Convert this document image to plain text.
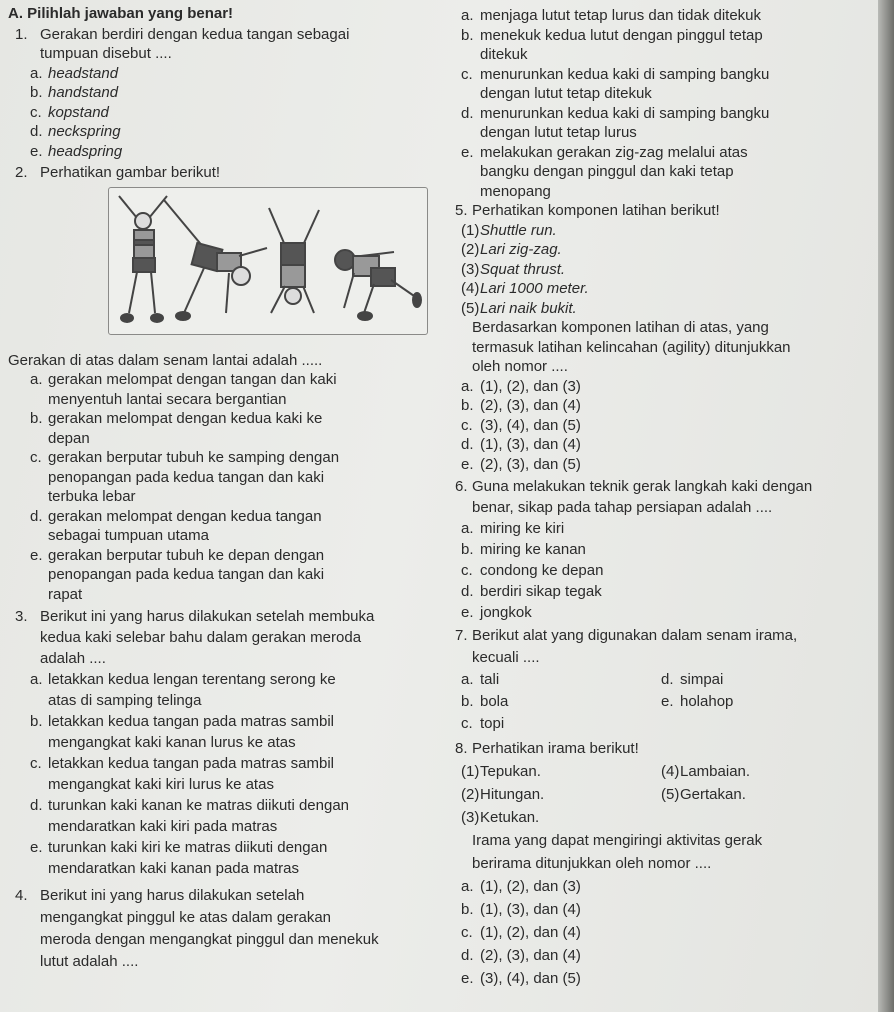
A. Pilihlah jawaban yang benar!
1. Gerakan berdiri dengan kedua tangan sebagai
tumpuan disebut ....
a. headstand
b. handstand
c. kopstand
d. neckspring
e. headspring
2. Perhatikan gambar berikut!
Gerakan di atas dalam senam lantai adalah .....
a. gerakan melompat dengan tangan dan kaki
menyentuh lantai secara bergantian
b. gerakan melompat dengan kedua kaki ke
depan
c. gerakan berputar tubuh ke samping dengan
penopangan pada kedua tangan dan kaki
terbuka lebar
d. gerakan melompat dengan kedua tangan
sebagai tumpuan utama
e. gerakan berputar tubuh ke depan dengan
penopangan pada kedua tangan dan kaki
rapat
3. Berikut ini yang harus dilakukan setelah membuka
kedua kaki selebar bahu dalam gerakan meroda
adalah ....
a. letakkan kedua lengan terentang serong ke
atas di samping telinga
b. letakkan kedua tangan pada matras sambil
mengangkat kaki kanan lurus ke atas
c. letakkan kedua tangan pada matras sambil
mengangkat kaki kiri lurus ke atas
d. turunkan kaki kanan ke matras diikuti dengan
mendaratkan kaki kiri pada matras
e. turunkan kaki kiri ke matras diikuti dengan
mendaratkan kaki kanan pada matras
4. Berikut ini yang harus dilakukan setelah
mengangkat pinggul ke atas dalam gerakan
meroda dengan mengangkat pinggul dan menekuk
lutut adalah ....
a. menjaga lutut tetap lurus dan tidak ditekuk
b. menekuk kedua lutut dengan pinggul tetap
ditekuk
c. menurunkan kedua kaki di samping bangku
dengan lutut tetap ditekuk
d. menurunkan kedua kaki di samping bangku
dengan lutut tetap lurus
e. melakukan gerakan zig-zag melalui atas
bangku dengan pinggul dan kaki tetap
menopang
5. Perhatikan komponen latihan berikut!
(1) Shuttle run.
(2) Lari zig-zag.
(3) Squat thrust.
(4) Lari 1000 meter.
(5) Lari naik bukit.
Berdasarkan komponen latihan di atas, yang
termasuk latihan kelincahan (agility) ditunjukkan
oleh nomor ....
a. (1), (2), dan (3)
b. (2), (3), dan (4)
c. (3), (4), dan (5)
d. (1), (3), dan (4)
e. (2), (3), dan (5)
6. Guna melakukan teknik gerak langkah kaki dengan
benar, sikap pada tahap persiapan adalah ....
a. miring ke kiri
b. miring ke kanan
c. condong ke depan
d. berdiri sikap tegak
e. jongkok
7. Berikut alat yang digunakan dalam senam irama,
kecuali ....
a. tali	d. simpai
b. bola	e. holahop
c. topi
8. Perhatikan irama berikut!
(1) Tepukan.	(4) Lambaian.
(2) Hitungan.	(5) Gertakan.
(3) Ketukan.
Irama yang dapat mengiringi aktivitas gerak
berirama ditunjukkan oleh nomor ....
a. (1), (2), dan (3)
b. (1), (3), dan (4)
c. (1), (2), dan (4)
d. (2), (3), dan (4)
e. (3), (4), dan (5)
